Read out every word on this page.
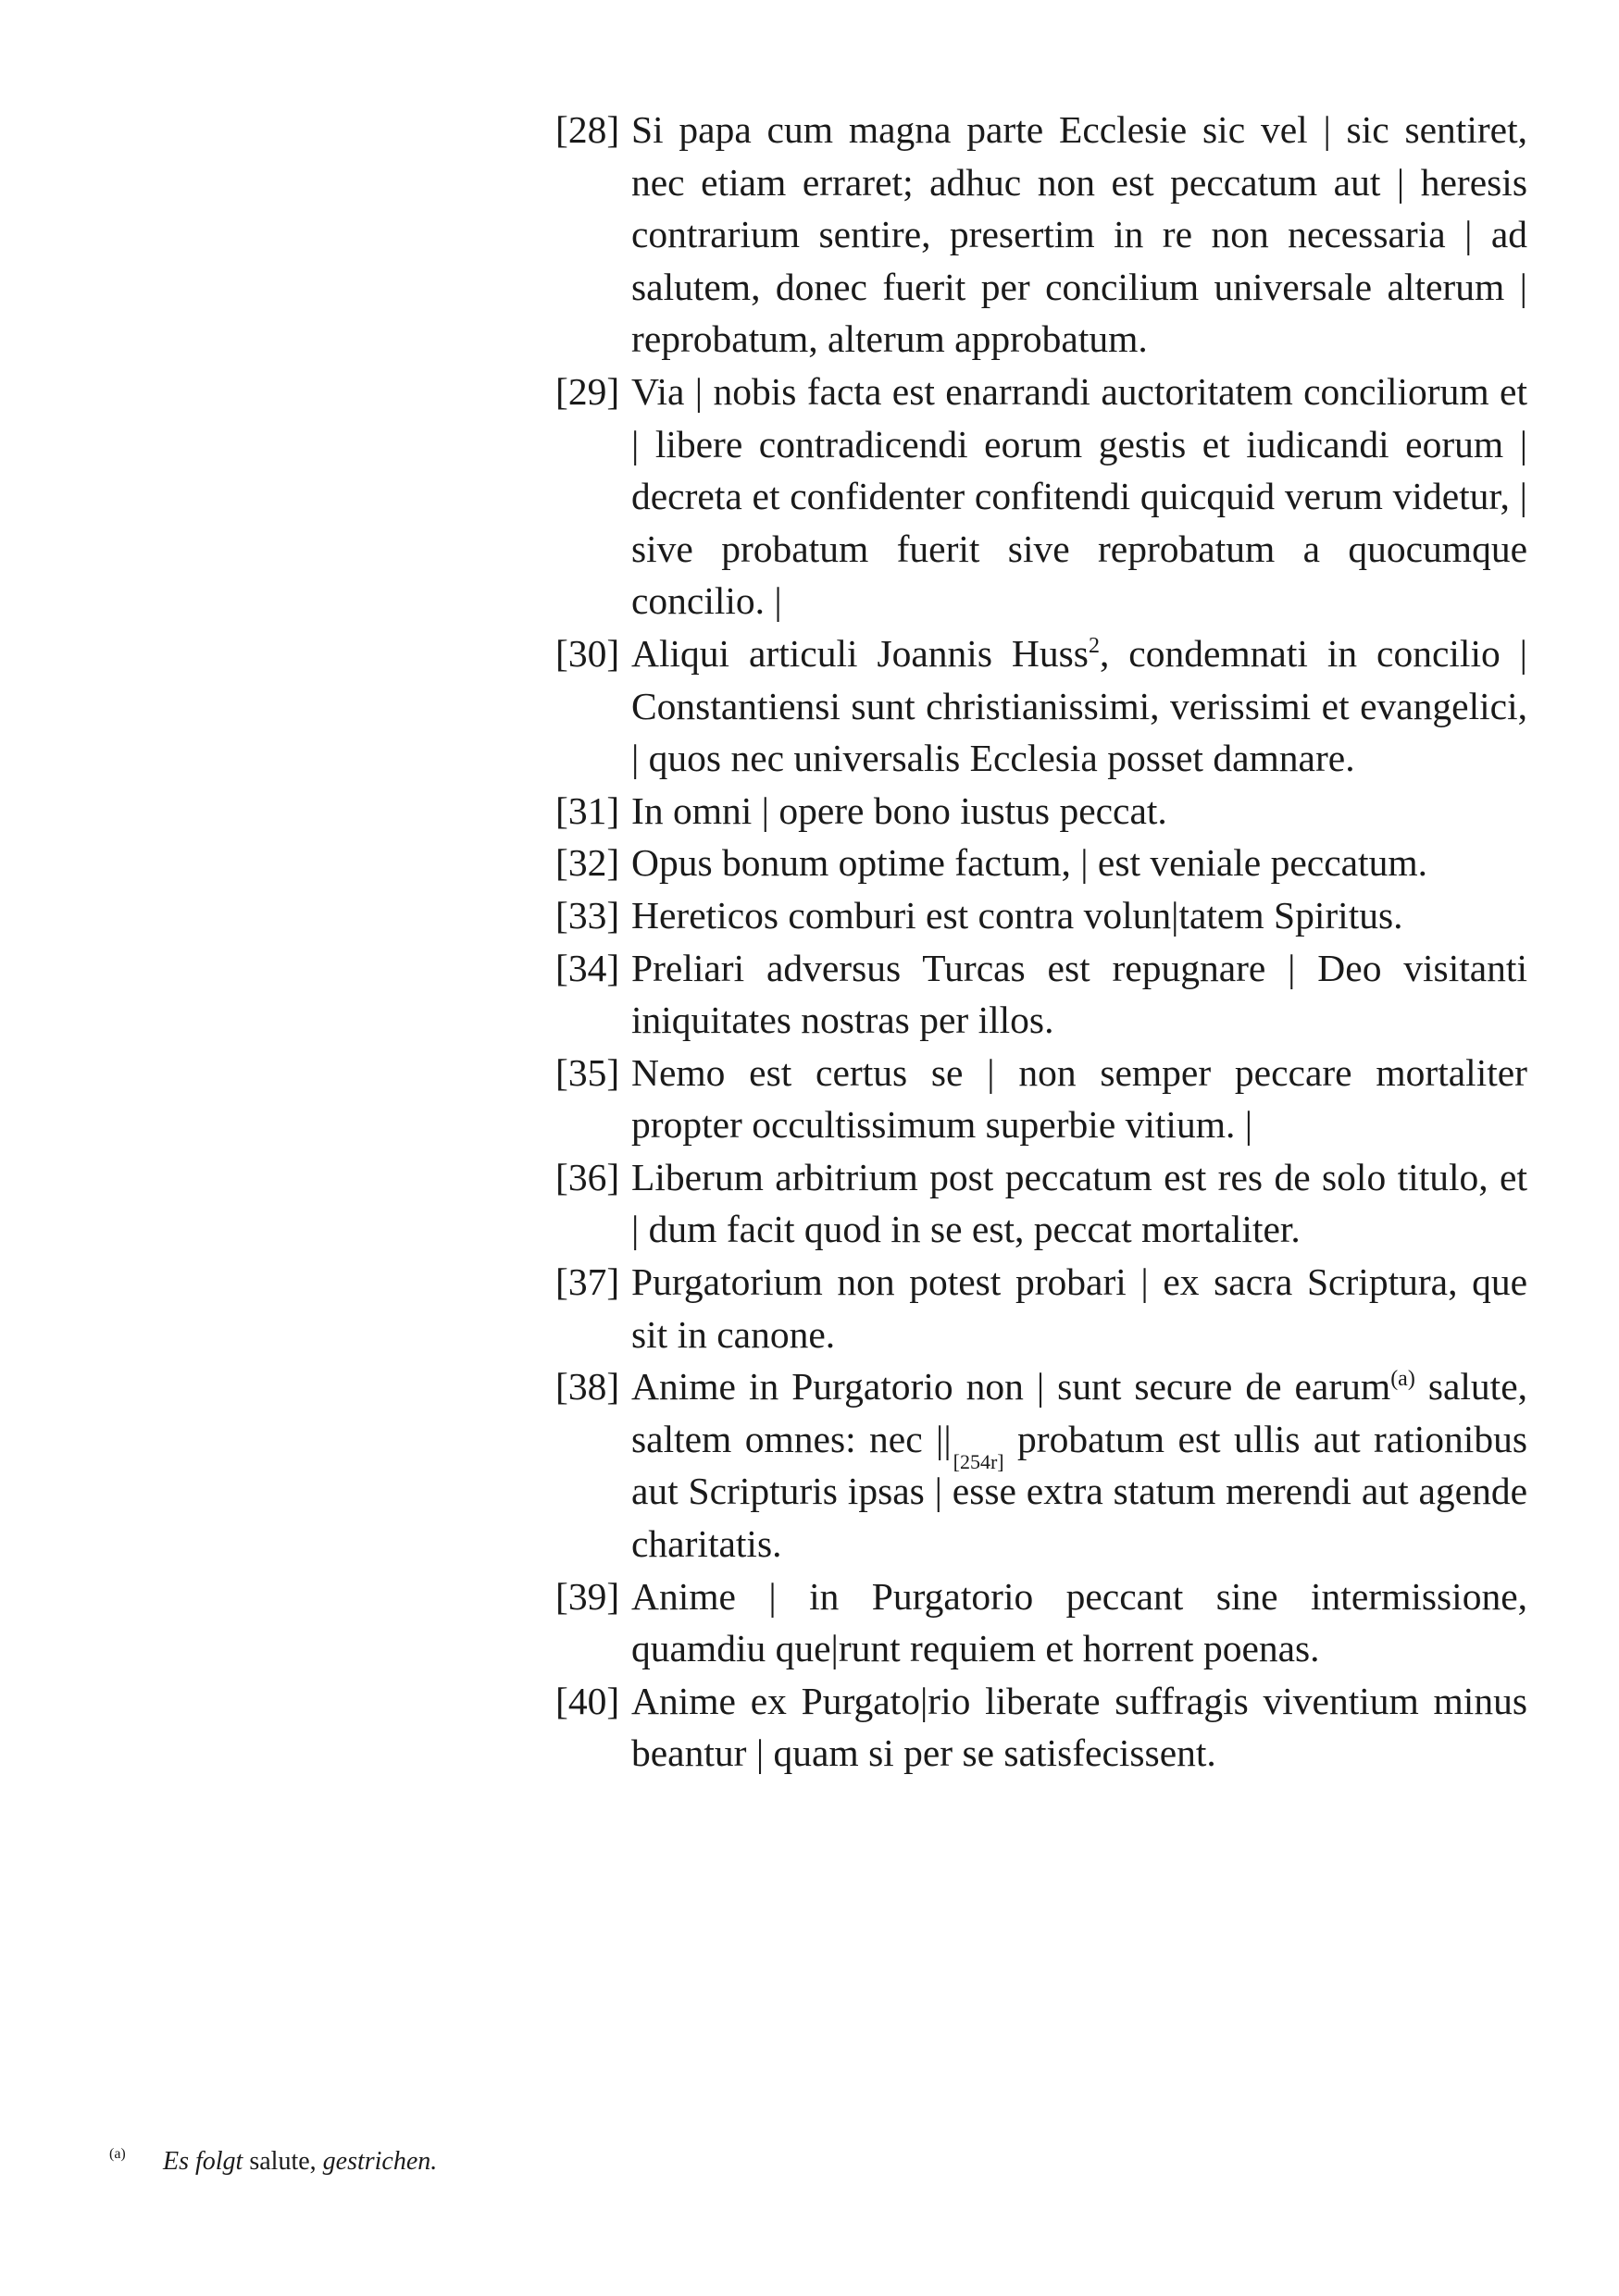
[28] Si papa cum magna parte Ecclesie sic vel | sic sentiret, nec etiam erraret; adhuc non est peccatum aut | heresis contrarium sentire, presertim in re non necessaria | ad salutem, donec fuerit per concilium universale alterum | reprobatum, alterum approbatum.
[29] Via | nobis facta est enarrandi auctoritatem conciliorum et | libere contradicendi eorum gestis et iudicandi eorum | decreta et confidenter confitendi quicquid verum videtur, | sive probatum fuerit sive reprobatum a quocumque concilio. |
[30] Aliqui articuli Joannis Huss$^2$, condemnati in concilio | Constantiensi sunt christianissimi, verissimi et evangelici, | quos nec universalis Ecclesia posset damnare.
[31] In omni | opere bono iustus peccat.
[32] Opus bonum optime factum, | est veniale peccatum.
[33] Hereticos comburi est contra volun|tatem Spiritus.
[34] Preliari adversus Turcas est repugnare | Deo visitanti iniquitates nostras per illos.
[35] Nemo est certus se | non semper peccare mortaliter propter occultissimum superbie vitium. |
[36] Liberum arbitrium post peccatum est res de solo titulo, et | dum facit quod in se est, peccat mortaliter.
[37] Purgatorium non potest probari | ex sacra Scriptura, que sit in canone.
[38] Anime in Purgatorio non | sunt secure de earum$^{(a)}$ salute, saltem omnes: nec $||_{[254r]}$ probatum est ullis aut rationibus aut Scripturis ipsas | esse extra statum merendi aut agende charitatis.
[39] Anime | in Purgatorio peccant sine intermissione, quamdiu que|runt requiem et horrent poenas.
[40] Anime ex Purgato|rio liberate suffragis viventium minus beantur | quam si per se satisfecissent.
(a) Es folgt salute, gestrichen.
